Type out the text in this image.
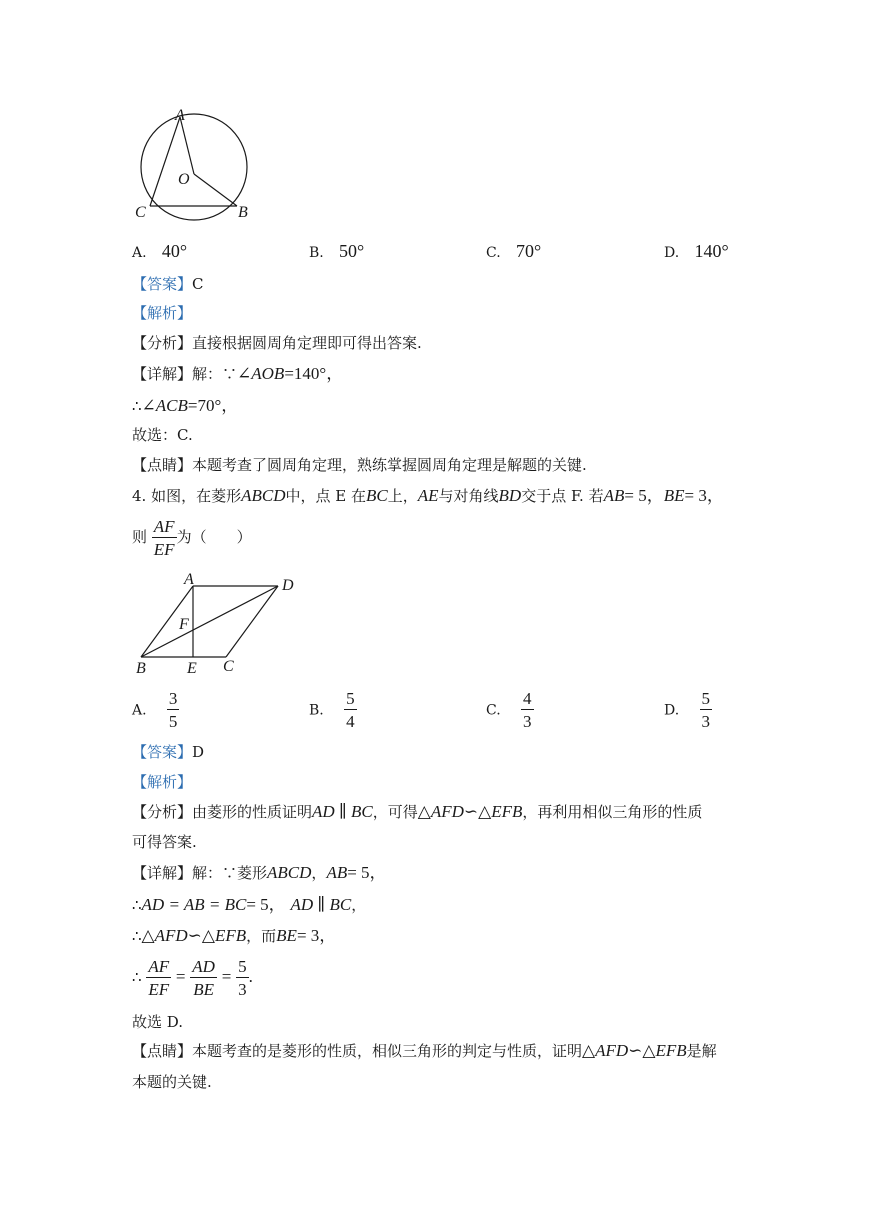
A
O
C	B
A. 40°	B. 50°	C. 70°	D. 140°
【答案】C
【解析】
【分析】直接根据圆周角定理即可得出答案.
【详解】解：∵∠AOB=140°，
∴∠ACB=70°，
故选：C.
【点睛】本题考查了圆周角定理，熟练掌握圆周角定理是解题的关键.
4. 如图，在菱形ABCD中，点 E 在BC上，AE与对角线BD交于点 F. 若AB= 5，BE= 3，
则 $\frac{AF}{EF}$ 为（　　）
A	D
F
B	E C
A. $\frac{3}{5}$	B. $\frac{5}{4}$	C. $\frac{4}{3}$	D. $\frac{5}{3}$
【答案】D
【解析】
【分析】由菱形的性质证明AD ∥ BC，可得△AFD∽△EFB，再利用相似三角形的性质
可得答案.
【详解】解：∵菱形ABCD，AB= 5，
∴AD = AB = BC= 5， AD ∥ BC，
∴△AFD∽△EFB，而BE= 3，
∴ $\frac{AF}{EF} = \frac{AD}{BE} = \frac{5}{3}$ .
故选 D.
【点睛】本题考查的是菱形的性质，相似三角形的判定与性质，证明△AFD∽△EFB是解
本题的关键.
